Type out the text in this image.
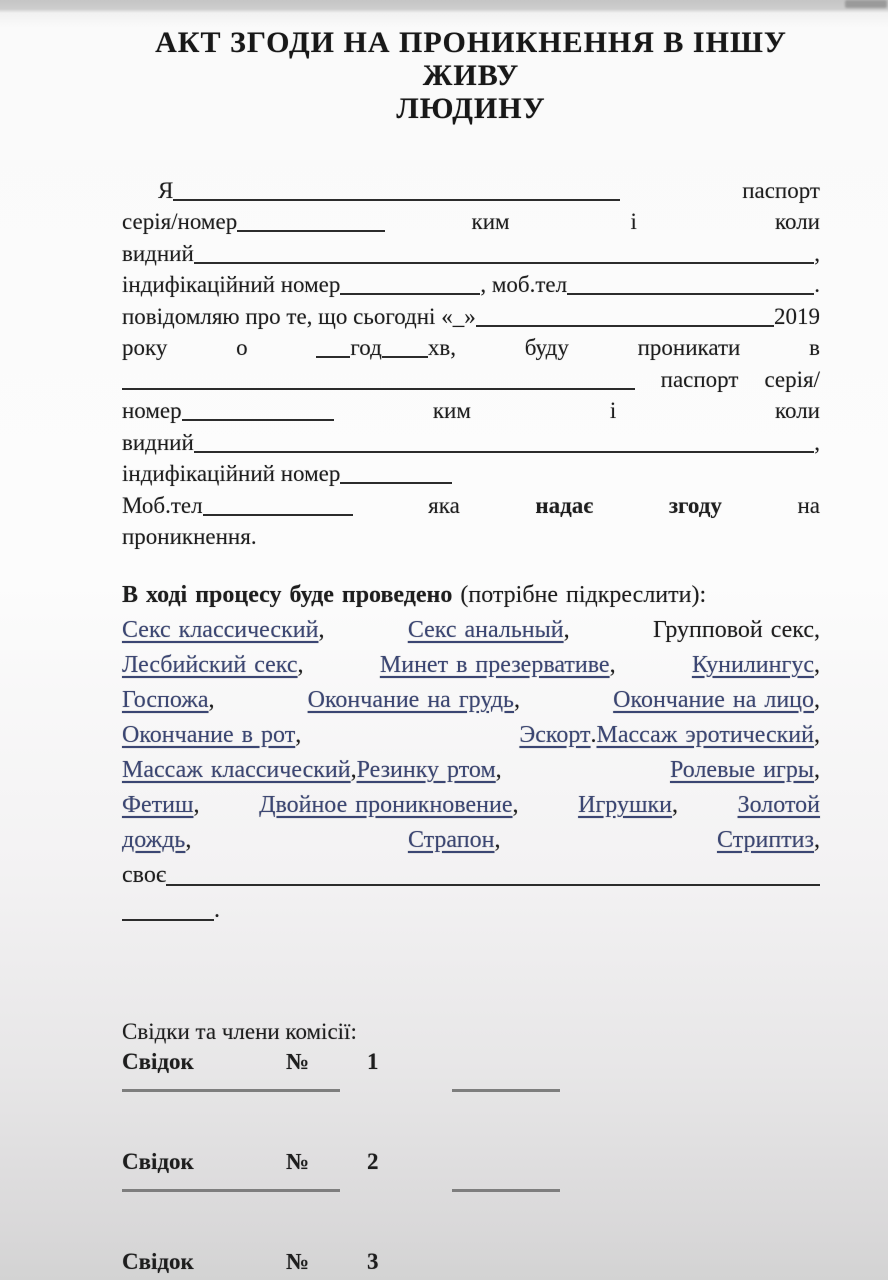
АКТ ЗГОДИ НА ПРОНИКНЕННЯ В ІНШУ ЖИВУ
ЛЮДИНУ
Я	паспорт
серія/номер	ким	і	коли
видний	,
індифікаційний номер	, моб.тел	.
повідомляю про те, що сьогодні «_»	2019
року	о	год хв,	буду	проникати	в
паспорт серія/
номер	ким	і	коли
видний	,
індифікаційний номер
Моб.тел	яка	надає	згоду	на
проникнення.
В ході процесу буде проведено (потрібне підкреслити):
Секс классический ,	Секс анальный ,	Групповой секс,
Лесбийский секс ,	Минет в презервативе ,	Кунилингус ,
Госпожа ,	Окончание на грудь ,	Окончание на лицо ,
Окончание в рот ,	Эскорт . Массаж эротический ,
Массаж классический , Резинку ртом ,	Ролевые игры ,
Фетиш , Двойное проникновение , Игрушки , Золотой
дождь ,	Страпон ,	Стриптиз ,
своє
.
Свідки та члени комісії:
Свідок	№	1
Свідок	№	2
Свідок	№	3
